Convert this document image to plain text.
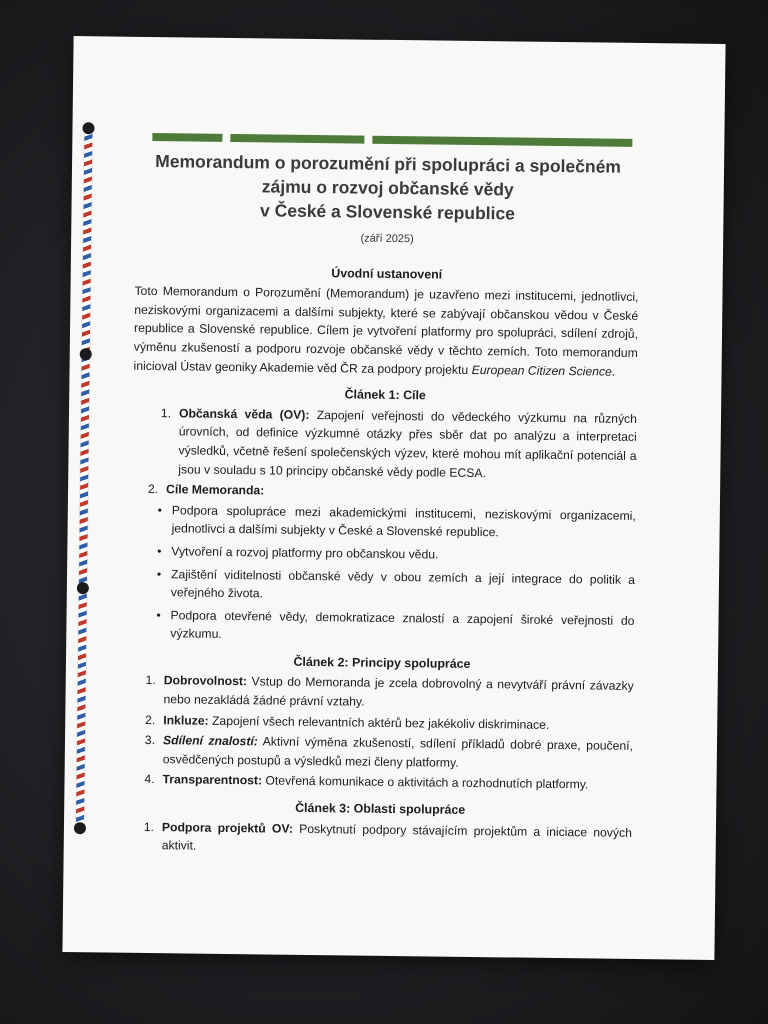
Memorandum o porozumění při spolupráci a společném
zájmu o rozvoj občanské vědy
v České a Slovenské republice
(září 2025)
Úvodní ustanovení

Toto Memorandum o Porozumění (Memorandum) je uzavřeno mezi institucemi, jednotlivci, neziskovými organizacemi a dalšími subjekty, které se zabývají občanskou vědou v České republice a Slovenské republice. Cílem je vytvoření platformy pro spolupráci, sdílení zdrojů, výměnu zkušeností a podporu rozvoje občanské vědy v těchto zemích. Toto memorandum inicioval Ústav geoniky Akademie věd ČR za podpory projektu European Citizen Science.

Článek 1: Cíle
1. Občanská věda (OV): Zapojení veřejnosti do vědeckého výzkumu na různých úrovních, od definice výzkumné otázky přes sběr dat po analýzu a interpretaci výsledků, včetně řešení společenských výzev, které mohou mít aplikační potenciál a jsou v souladu s 10 principy občanské vědy podle ECSA.
2. Cíle Memoranda:
• Podpora spolupráce mezi akademickými institucemi, neziskovými organizacemi, jednotlivci a dalšími subjekty v České a Slovenské republice.
• Vytvoření a rozvoj platformy pro občanskou vědu.
• Zajištění viditelnosti občanské vědy v obou zemích a její integrace do politik a veřejného života.
• Podpora otevřené vědy, demokratizace znalostí a zapojení široké veřejnosti do výzkumu.
Článek 2: Principy spolupráce
1. Dobrovolnost: Vstup do Memoranda je zcela dobrovolný a nevytváří právní závazky nebo nezakládá žádné právní vztahy.
2. Inkluze: Zapojení všech relevantních aktérů bez jakékoliv diskriminace.
3. Sdílení znalostí: Aktivní výměna zkušeností, sdílení příkladů dobré praxe, poučení, osvědčených postupů a výsledků mezi členy platformy.
4. Transparentnost: Otevřená komunikace o aktivitách a rozhodnutích platformy.
Článek 3: Oblasti spolupráce
1. Podpora projektů OV: Poskytnutí podpory stávajícím projektům a iniciace nových aktivit.
